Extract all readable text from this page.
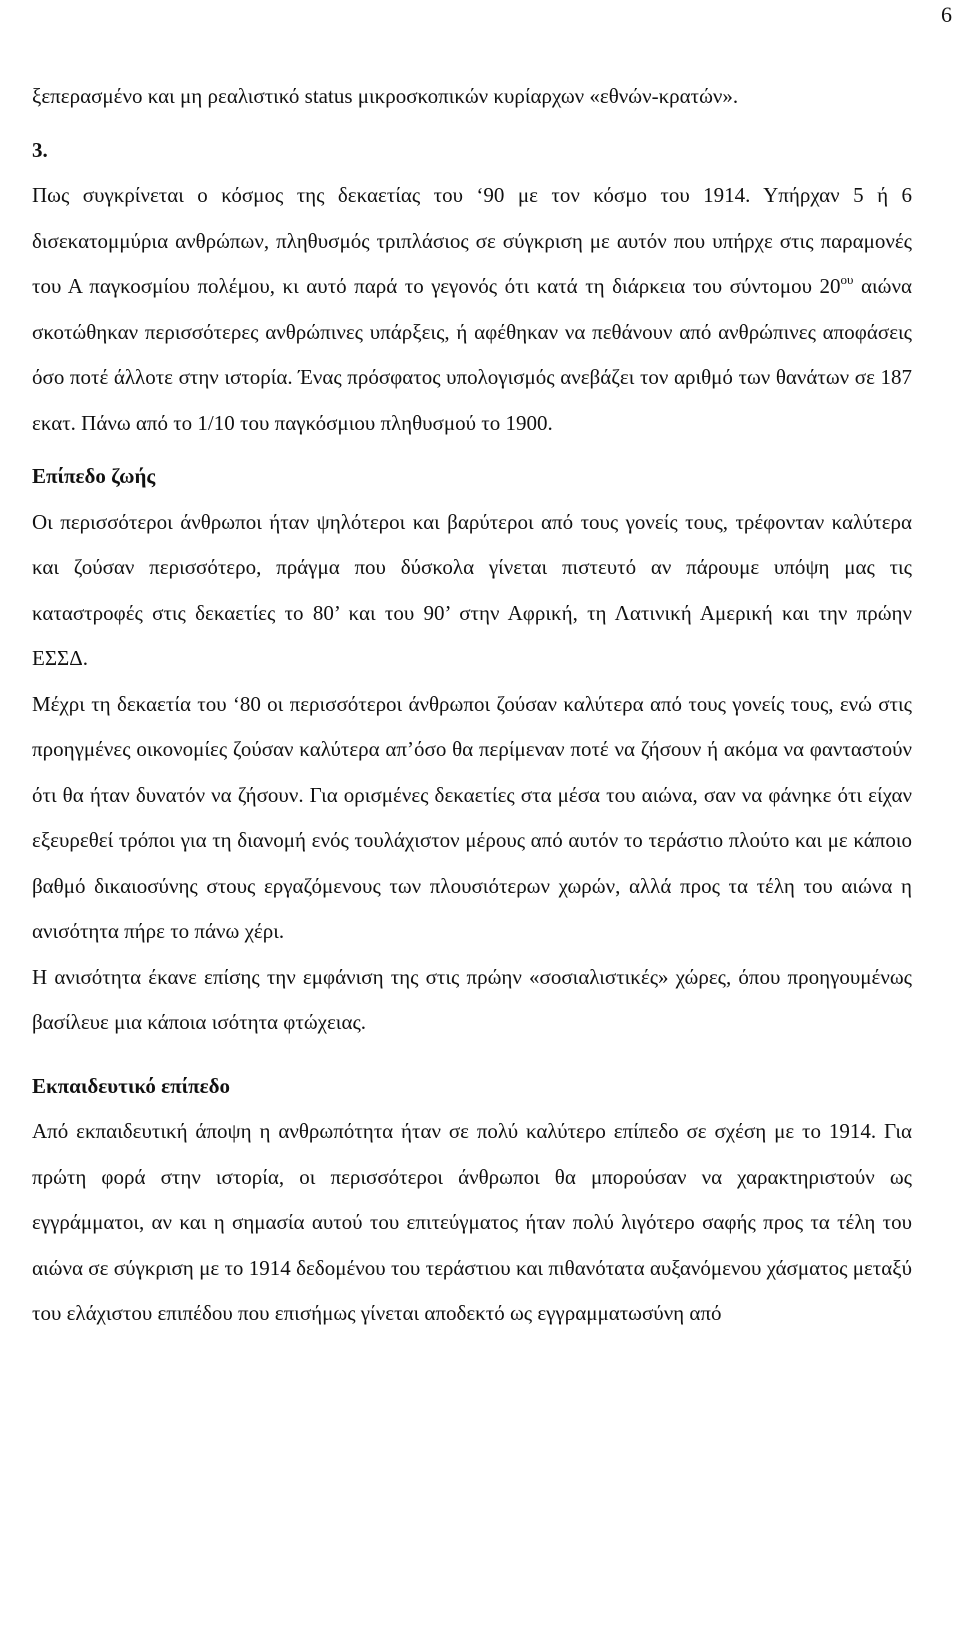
6

ξεπερασμένο και μη ρεαλιστικό status μικροσκοπικών κυρίαρχων «εθνών-κρατών».

3.

Πως συγκρίνεται ο κόσμος της δεκαετίας του ‘90 με τον κόσμο του 1914. Υπήρχαν 5 ή 6 δισεκατομμύρια ανθρώπων, πληθυσμός τριπλάσιος σε σύγκριση με αυτόν που υπήρχε στις παραμονές του Α παγκοσμίου πολέμου, κι αυτό παρά το γεγονός ότι κατά τη διάρκεια του σύντομου $20^{o\upsilon}$ αιώνα σκοτώθηκαν περισσότερες ανθρώπινες υπάρξεις, ή αφέθηκαν να πεθάνουν από ανθρώπινες αποφάσεις όσο ποτέ άλλοτε στην ιστορία. Ένας πρόσφατος υπολογισμός ανεβάζει τον αριθμό των θανάτων σε 187 εκατ. Πάνω από το 1/10 του παγκόσμιου πληθυσμού το 1900.

Επίπεδο ζωής

Οι περισσότεροι άνθρωποι ήταν ψηλότεροι και βαρύτεροι από τους γονείς τους, τρέφονταν καλύτερα και ζούσαν περισσότερο, πράγμα που δύσκολα γίνεται πιστευτό αν πάρουμε υπόψη μας τις καταστροφές στις δεκαετίες το 80’ και του 90’ στην Αφρική, τη Λατινική Αμερική και την πρώην ΕΣΣΔ.

Μέχρι τη δεκαετία του ‘80 οι περισσότεροι άνθρωποι ζούσαν καλύτερα από τους γονείς τους, ενώ στις προηγμένες οικονομίες ζούσαν καλύτερα απ’όσο θα περίμεναν ποτέ να ζήσουν ή ακόμα να φανταστούν ότι θα ήταν δυνατόν να ζήσουν. Για ορισμένες δεκαετίες στα μέσα του αιώνα, σαν να φάνηκε ότι είχαν εξευρεθεί τρόποι για τη διανομή ενός τουλάχιστον μέρους από αυτόν το τεράστιο πλούτο και με κάποιο βαθμό δικαιοσύνης στους εργαζόμενους των πλουσιότερων χωρών, αλλά προς τα τέλη του αιώνα η ανισότητα πήρε το πάνω χέρι.

Η ανισότητα έκανε επίσης την εμφάνιση της στις πρώην «σοσιαλιστικές» χώρες, όπου προηγουμένως βασίλευε μια κάποια ισότητα φτώχειας.

Εκπαιδευτικό επίπεδο

Από εκπαιδευτική άποψη η ανθρωπότητα ήταν σε πολύ καλύτερο επίπεδο σε σχέση με το 1914. Για πρώτη φορά στην ιστορία, οι περισσότεροι άνθρωποι θα μπορούσαν να χαρακτηριστούν ως εγγράμματοι, αν και η σημασία αυτού του επιτεύγματος ήταν πολύ λιγότερο σαφής προς τα τέλη του αιώνα σε σύγκριση με το 1914 δεδομένου του τεράστιου και πιθανότατα αυξανόμενου χάσματος μεταξύ του ελάχιστου επιπέδου που επισήμως γίνεται αποδεκτό ως εγγραμματωσύνη από
